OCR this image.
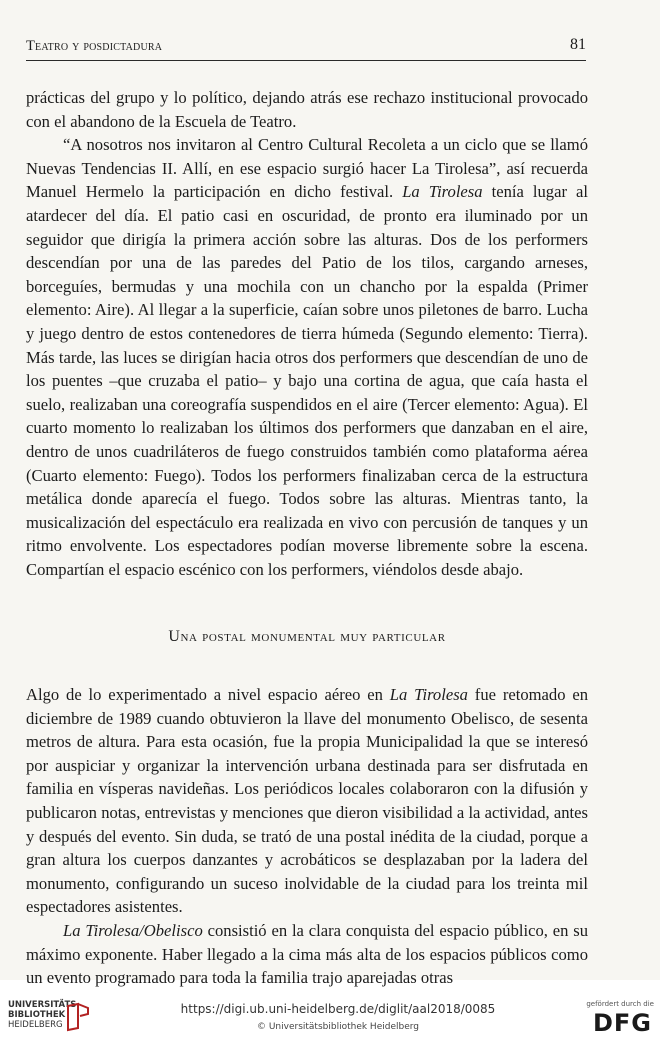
Teatro y posdictadura	81

prácticas del grupo y lo político, dejando atrás ese rechazo institucional provocado con el abandono de la Escuela de Teatro.

“A nosotros nos invitaron al Centro Cultural Recoleta a un ciclo que se llamó Nuevas Tendencias II. Allí, en ese espacio surgió hacer La Tirolesa”, así recuerda Manuel Hermelo la participación en dicho festival. La Tirolesa tenía lugar al atardecer del día. El patio casi en oscuridad, de pronto era iluminado por un seguidor que dirigía la primera acción sobre las alturas. Dos de los performers descendían por una de las paredes del Patio de los tilos, cargando arneses, borceguíes, bermudas y una mochila con un chancho por la espalda (Primer elemento: Aire). Al llegar a la superficie, caían sobre unos piletones de barro. Lucha y juego dentro de estos contenedores de tierra húmeda (Segundo elemento: Tierra). Más tarde, las luces se dirigían hacia otros dos performers que descendían de uno de los puentes –que cruzaba el patio– y bajo una cortina de agua, que caía hasta el suelo, realizaban una coreografía suspendidos en el aire (Tercer elemento: Agua). El cuarto momento lo realizaban los últimos dos performers que danzaban en el aire, dentro de unos cuadriláteros de fuego construidos también como plataforma aérea (Cuarto elemento: Fuego). Todos los performers finalizaban cerca de la estructura metálica donde aparecía el fuego. Todos sobre las alturas. Mientras tanto, la musicalización del espectáculo era realizada en vivo con percusión de tanques y un ritmo envolvente. Los espectadores podían moverse libremente sobre la escena. Compartían el espacio escénico con los performers, viéndolos desde abajo.

Una postal monumental muy particular

Algo de lo experimentado a nivel espacio aéreo en La Tirolesa fue retomado en diciembre de 1989 cuando obtuvieron la llave del monumento Obelisco, de sesenta metros de altura. Para esta ocasión, fue la propia Municipalidad la que se interesó por auspiciar y organizar la intervención urbana destinada para ser disfrutada en familia en vísperas navideñas. Los periódicos locales colaboraron con la difusión y publicaron notas, entrevistas y menciones que dieron visibilidad a la actividad, antes y después del evento. Sin duda, se trató de una postal inédita de la ciudad, porque a gran altura los cuerpos danzantes y acrobáticos se desplazaban por la ladera del monumento, configurando un suceso inolvidable de la ciudad para los treinta mil espectadores asistentes.

La Tirolesa/Obelisco consistió en la clara conquista del espacio público, en su máximo exponente. Haber llegado a la cima más alta de los espacios públicos como un evento programado para toda la familia trajo aparejadas otras

UNIVERSITÄTS-
BIBLIOTHEK
HEIDELBERG
https://digi.ub.uni-heidelberg.de/diglit/aal2018/0085
© Universitätsbibliothek Heidelberg
gefördert durch die
DFG
